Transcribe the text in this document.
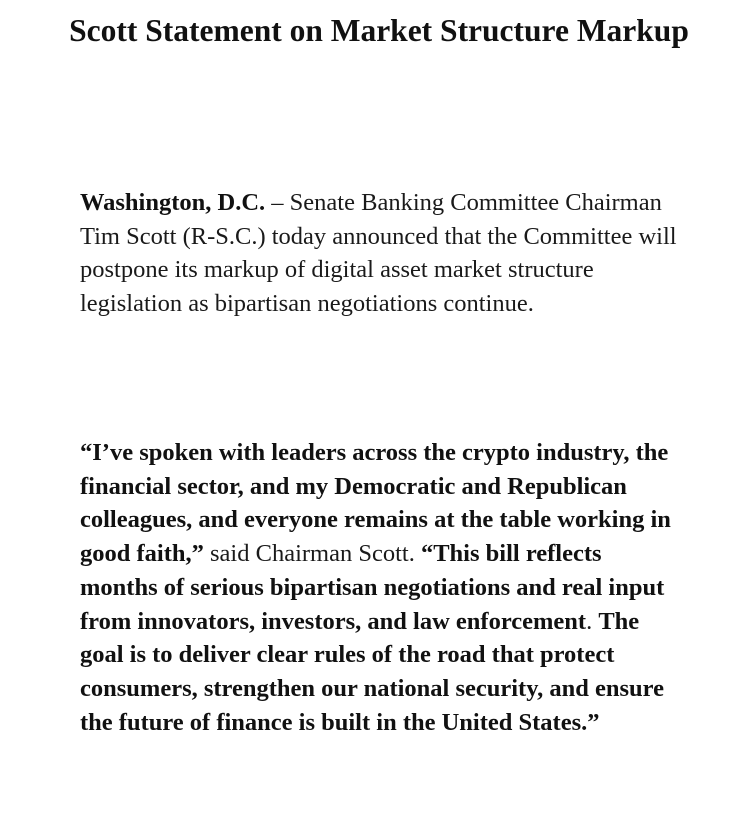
Scott Statement on Market Structure Markup

Washington, D.C. – Senate Banking Committee Chairman Tim Scott (R-S.C.) today announced that the Committee will postpone its markup of digital asset market structure legislation as bipartisan negotiations continue.

“I’ve spoken with leaders across the crypto industry, the financial sector, and my Democratic and Republican colleagues, and everyone remains at the table working in good faith,” said Chairman Scott. “This bill reflects months of serious bipartisan negotiations and real input from innovators, investors, and law enforcement. The goal is to deliver clear rules of the road that protect consumers, strengthen our national security, and ensure the future of finance is built in the United States.”
